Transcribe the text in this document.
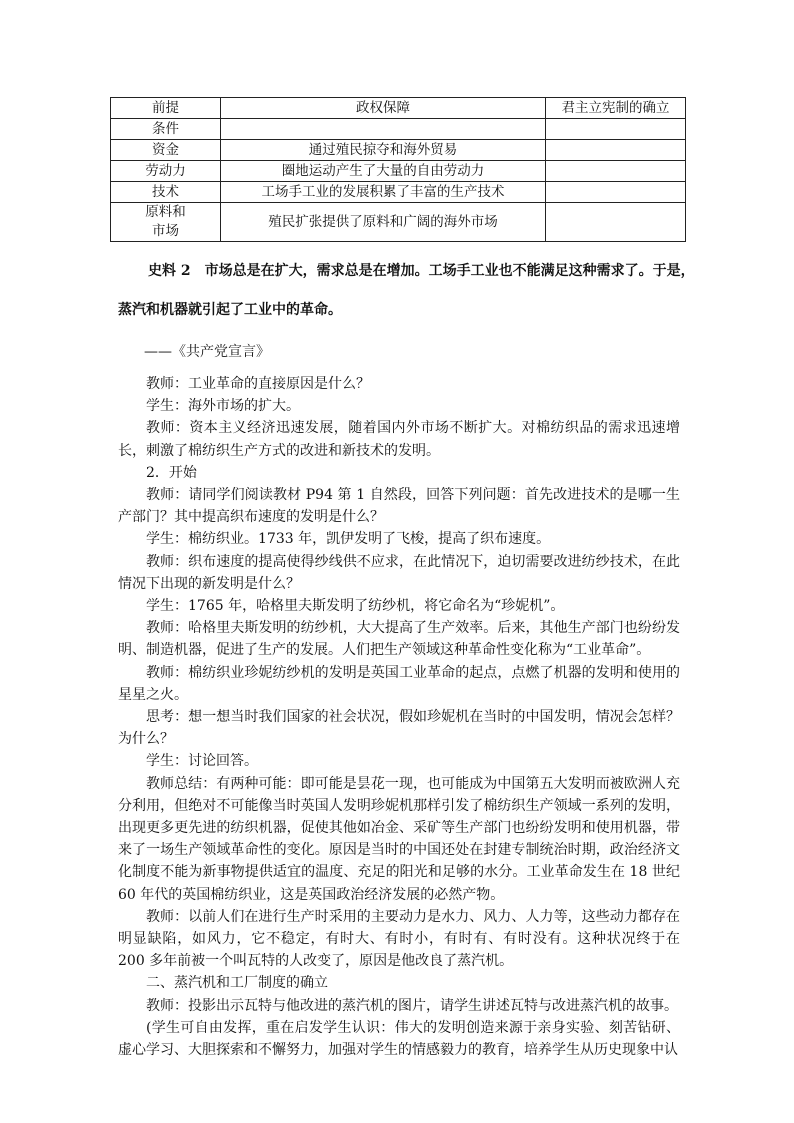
前提	政权保障	君主立宪制的确立
条件		
资金	通过殖民掠夺和海外贸易	
劳动力	圈地运动产生了大量的自由劳动力	
技术	工场手工业的发展积累了丰富的生产技术	
原料和
市场	殖民扩张提供了原料和广阔的海外市场	
史料 2　市场总是在扩大，需求总是在增加。工场手工业也不能满足这种需求了。于是，
蒸汽和机器就引起了工业中的革命。
——《共产党宣言》

教师：工业革命的直接原因是什么？

学生：海外市场的扩大。

教师：资本主义经济迅速发展，随着国内外市场不断扩大。对棉纺织品的需求迅速增长，刺激了棉纺织生产方式的改进和新技术的发明。

2．开始

教师：请同学们阅读教材 P94 第 1 自然段，回答下列问题：首先改进技术的是哪一生产部门？其中提高织布速度的发明是什么？

学生：棉纺织业。1733 年，凯伊发明了飞梭，提高了织布速度。

教师：织布速度的提高使得纱线供不应求，在此情况下，迫切需要改进纺纱技术，在此情况下出现的新发明是什么？

学生：1765 年，哈格里夫斯发明了纺纱机，将它命名为“珍妮机”。

教师：哈格里夫斯发明的纺纱机，大大提高了生产效率。后来，其他生产部门也纷纷发明、制造机器，促进了生产的发展。人们把生产领域这种革命性变化称为“工业革命”。

教师：棉纺织业珍妮纺纱机的发明是英国工业革命的起点，点燃了机器的发明和使用的星星之火。

思考：想一想当时我们国家的社会状况，假如珍妮机在当时的中国发明，情况会怎样？为什么？

学生：讨论回答。

教师总结：有两种可能：即可能是昙花一现，也可能成为中国第五大发明而被欧洲人充分利用，但绝对不可能像当时英国人发明珍妮机那样引发了棉纺织生产领域一系列的发明，出现更多更先进的纺织机器，促使其他如冶金、采矿等生产部门也纷纷发明和使用机器，带来了一场生产领域革命性的变化。原因是当时的中国还处在封建专制统治时期，政治经济文化制度不能为新事物提供适宜的温度、充足的阳光和足够的水分。工业革命发生在 18 世纪 60 年代的英国棉纺织业，这是英国政治经济发展的必然产物。

教师：以前人们在进行生产时采用的主要动力是水力、风力、人力等，这些动力都存在明显缺陷，如风力，它不稳定，有时大、有时小，有时有、有时没有。这种状况终于在 200 多年前被一个叫瓦特的人改变了，原因是他改良了蒸汽机。

二、蒸汽机和工厂制度的确立

教师：投影出示瓦特与他改进的蒸汽机的图片，请学生讲述瓦特与改进蒸汽机的故事。

(学生可自由发挥，重在启发学生认识：伟大的发明创造来源于亲身实验、刻苦钻研、虚心学习、大胆探索和不懈努力，加强对学生的情感毅力的教育，培养学生从历史现象中认
